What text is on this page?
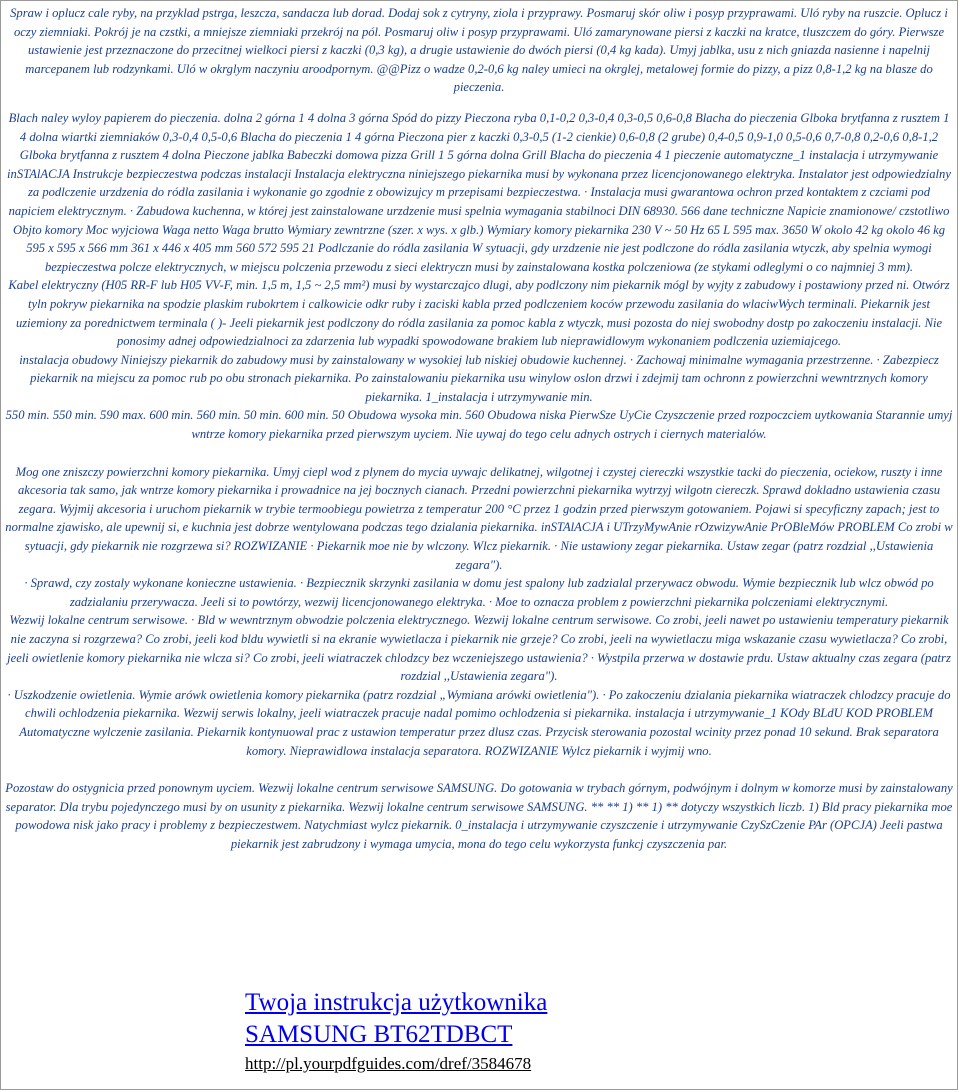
Spraw i oplucz cale ryby, na przyklad pstrga, leszcza, sandacza lub dorad. Dodaj sok z cytryny, ziola i przyprawy. Posmaruj skór oliw i posyp przyprawami. Uló ryby na ruszcie. Oplucz i oczy ziemniaki. Pokrój je na czstki, a mniejsze ziemniaki przekrój na pól. Posmaruj oliw i posyp przyprawami. Uló zamarynowane piersi z kaczki na kratce, tluszczem do góry. Pierwsze ustawienie jest przeznaczone do przecitnej wielkoci piersi z kaczki (0,3 kg), a drugie ustawienie do dwóch piersi (0,4 kg kada). Umyj jablka, usu z nich gniazda nasienne i napelnij marcepanem lub rodzynkami. Uló w okrglym naczyniu aroodpornym. @@Pizz o wadze 0,2-0,6 kg naley umieci na okrglej, metalowej formie do pizzy, a pizz 0,8-1,2 kg na blasze do pieczenia.

Blach naley wyloy papierem do pieczenia. dolna 2 górna 1 4 dolna 3 górna Spód do pizzy Pieczona ryba 0,1-0,2 0,3-0,4 0,3-0,5 0,6-0,8 Blacha do pieczenia Glboka brytfanna z rusztem 1 4 dolna wiartki ziemniaków 0,3-0,4 0,5-0,6 Blacha do pieczenia 1 4 górna Pieczona pier z kaczki 0,3-0,5 (1-2 cienkie) 0,6-0,8 (2 grube) 0,4-0,5 0,9-1,0 0,5-0,6 0,7-0,8 0,2-0,6 0,8-1,2 Glboka brytfanna z rusztem 4 dolna Pieczone jablka Babeczki domowa pizza Grill 1 5 górna dolna Grill Blacha do pieczenia 4 1 pieczenie automatyczne_1 instalacja i utrzymywanie inSTAlACJA Instrukcje bezpieczestwa podczas instalacji Instalacja elektryczna niniejszego piekarnika musi by wykonana przez licencjonowanego elektryka. Instalator jest odpowiedzialny za podlczenie urzdzenia do ródla zasilania i wykonanie go zgodnie z obowizujcy m przepisami bezpieczestwa. · Instalacja musi gwarantowa ochron przed kontaktem z czciami pod napiciem elektrycznym. · Zabudowa kuchenna, w której jest zainstalowane urzdzenie musi spelnia wymagania stabilnoci DIN 68930. 566 dane techniczne Napicie znamionowe/ czstotliwo Objto komory Moc wyjciowa Waga netto Waga brutto Wymiary zewntrzne (szer. x wys. x glb.) Wymiary komory piekarnika 230 V ~ 50 Hz 65 L 595 max. 3650 W okolo 42 kg okolo 46 kg 595 x 595 x 566 mm 361 x 446 x 405 mm 560 572 595 21 Podlczanie do ródla zasilania W sytuacji, gdy urzdzenie nie jest podlczone do ródla zasilania wtyczk, aby spelnia wymogi bezpieczestwa polcze elektrycznych, w miejscu polczenia przewodu z sieci elektryczn musi by zainstalowana kostka polczeniowa (ze stykami odleglymi o co najmniej 3 mm).

Kabel elektryczny (H05 RR-F lub H05 VV-F, min. 1,5 m, 1,5 ~ 2,5 mm²) musi by wystarczajco dlugi, aby podlczony nim piekarnik mógl by wyjty z zabudowy i postawiony przed ni. Otwórz tyln pokryw piekarnika na spodzie plaskim rubokrtem i calkowicie odkr ruby i zaciski kabla przed podlczeniem koców przewodu zasilania do wlaciwWych terminali. Piekarnik jest uziemiony za porednictwem terminala ( )- Jeeli piekarnik jest podlczony do ródla zasilania za pomoc kabla z wtyczk, musi pozosta do niej swobodny dostp po zakoczeniu instalacji. Nie ponosimy adnej odpowiedzialnoci za zdarzenia lub wypadki spowodowane brakiem lub nieprawidlowym wykonaniem podlczenia uziemiajcego.

instalacja obudowy Niniejszy piekarnik do zabudowy musi by zainstalowany w wysokiej lub niskiej obudowie kuchennej. · Zachowaj minimalne wymagania przestrzenne. · Zabezpiecz piekarnik na miejscu za pomoc rub po obu stronach piekarnika. Po zainstalowaniu piekarnika usu winylow oslon drzwi i zdejmij tam ochronn z powierzchni wewntrznych komory piekarnika. 1_instalacja i utrzymywanie min.

550 min. 550 min. 590 max. 600 min. 560 min. 50 min. 600 min. 50 Obudowa wysoka min. 560 Obudowa niska PierwSze UyCie Czyszczenie przed rozpoczciem uytkowania Starannie umyj wntrze komory piekarnika przed pierwszym uyciem. Nie uywaj do tego celu adnych ostrych i ciernych materialów.

Mog one zniszczy powierzchni komory piekarnika. Umyj ciepl wod z plynem do mycia uywajc delikatnej, wilgotnej i czystej ciereczki wszystkie tacki do pieczenia, ociekow, ruszty i inne akcesoria tak samo, jak wntrze komory piekarnika i prowadnice na jej bocznych cianach. Przedni powierzchni piekarnika wytrzyj wilgotn ciereczk. Sprawd dokladno ustawienia czasu zegara. Wyjmij akcesoria i uruchom piekarnik w trybie termoobiegu powietrza z temperatur 200 °C przez 1 godzin przed pierwszym gotowaniem. Pojawi si specyficzny zapach; jest to normalne zjawisko, ale upewnij si, e kuchnia jest dobrze wentylowana podczas tego dzialania piekarnika. inSTAlACJA i UTrzyMywAnie rOzwizywAnie PrOBleMów PROBLEM Co zrobi w sytuacji, gdy piekarnik nie rozgrzewa si? ROZWIZANIE · Piekarnik moe nie by wlczony. Wlcz piekarnik. · Nie ustawiony zegar piekarnika. Ustaw zegar (patrz rozdzial ,,Ustawienia zegara").

· Sprawd, czy zostaly wykonane konieczne ustawienia. · Bezpiecznik skrzynki zasilania w domu jest spalony lub zadzialal przerywacz obwodu. Wymie bezpiecznik lub wlcz obwód po zadzialaniu przerywacza. Jeeli si to powtórzy, wezwij licencjonowanego elektryka. · Moe to oznacza problem z powierzchni piekarnika polczeniami elektrycznymi.

Wezwij lokalne centrum serwisowe. · Bld w wewntrznym obwodzie polczenia elektrycznego. Wezwij lokalne centrum serwisowe. Co zrobi, jeeli nawet po ustawieniu temperatury piekarnik nie zaczyna si rozgrzewa? Co zrobi, jeeli kod bldu wywietli si na ekranie wywietlacza i piekarnik nie grzeje? Co zrobi, jeeli na wywietlaczu miga wskazanie czasu wywietlacza? Co zrobi, jeeli owietlenie komory piekarnika nie wlcza si? Co zrobi, jeeli wiatraczek chlodzcy bez wczeniejszego ustawienia? · Wystpila przerwa w dostawie prdu. Ustaw aktualny czas zegara (patrz rozdzial ,,Ustawienia zegara").

· Uszkodzenie owietlenia. Wymie arówk owietlenia komory piekarnika (patrz rozdzial „Wymiana arówki owietlenia"). · Po zakoczeniu dzialania piekarnika wiatraczek chlodzcy pracuje do chwili ochlodzenia piekarnika. Wezwij serwis lokalny, jeeli wiatraczek pracuje nadal pomimo ochlodzenia si piekarnika. instalacja i utrzymywanie_1 KOdy BLdU KOD PROBLEM Automatyczne wylczenie zasilania. Piekarnik kontynuowal prac z ustawion temperatur przez dlusz czas. Przycisk sterowania pozostal wcinity przez ponad 10 sekund. Brak separatora komory. Nieprawidlowa instalacja separatora. ROZWIZANIE Wylcz piekarnik i wyjmij wno.

Pozostaw do ostygnicia przed ponownym uyciem. Wezwij lokalne centrum serwisowe SAMSUNG. Do gotowania w trybach górnym, podwójnym i dolnym w komorze musi by zainstalowany separator. Dla trybu pojedynczego musi by on usunity z piekarnika. Wezwij lokalne centrum serwisowe SAMSUNG. ** ** 1) ** 1) ** dotyczy wszystkich liczb. 1) Bld pracy piekarnika moe powodowa nisk jako pracy i problemy z bezpieczestwem. Natychmiast wylcz piekarnik. 0_instalacja i utrzymywanie czyszczenie i utrzymywanie CzySzCzenie PAr (OPCJA) Jeeli pastwa piekarnik jest zabrudzony i wymaga umycia, mona do tego celu wykorzysta funkcj czyszczenia par.

Twoja instrukcja użytkownika
SAMSUNG BT62TDBCT
http://pl.yourpdfguides.com/dref/3584678
